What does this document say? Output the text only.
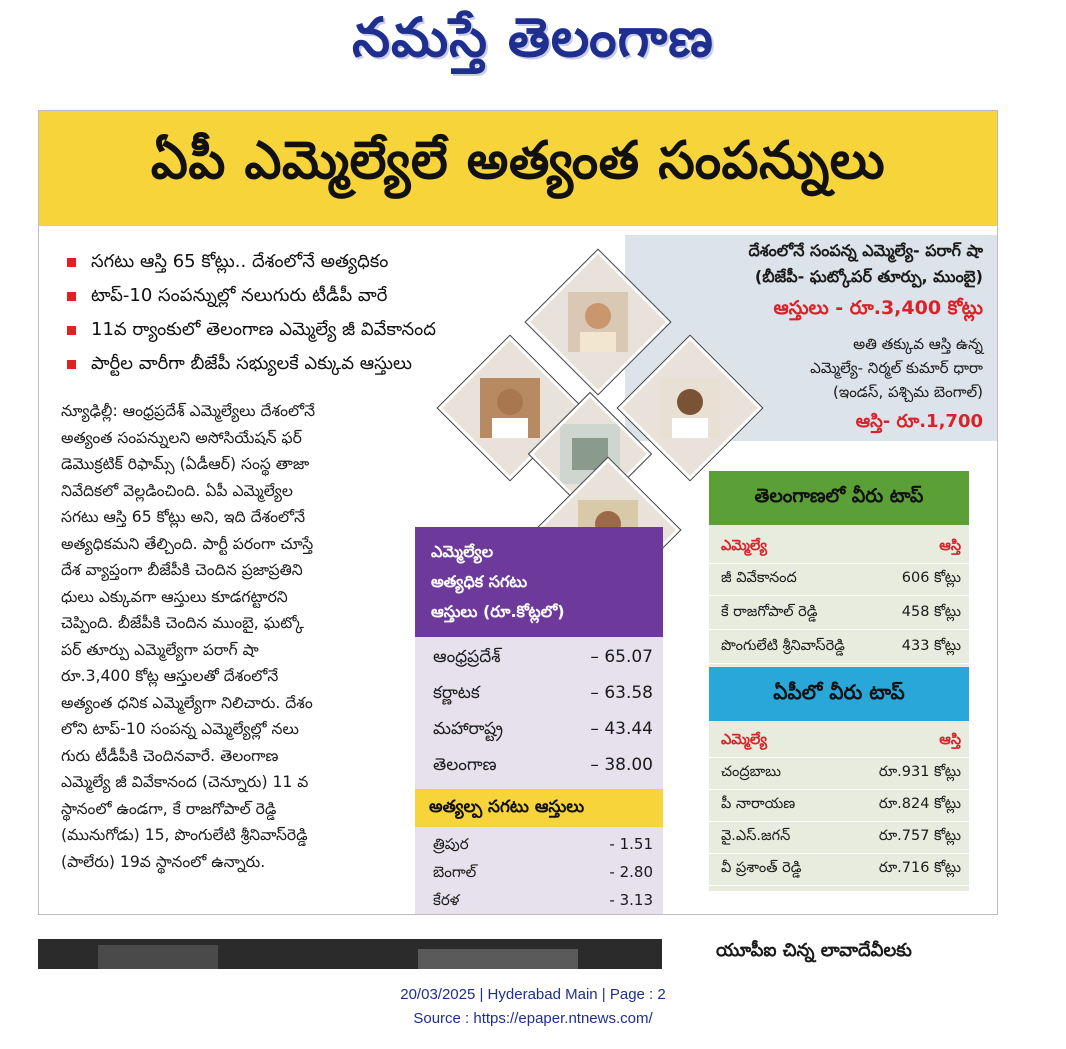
నమస్తే తెలంగాణ
ఏపీ ఎమ్మెల్యేలే అత్యంత సంపన్నులు
సగటు ఆస్తి 65 కోట్లు.. దేశంలోనే అత్యధికం
టాప్‌-10 సంపన్నుల్లో నలుగురు టీడీపీ వారే
11వ ర్యాంకులో తెలంగాణ ఎమ్మెల్యే జీ వివేకానంద
పార్టీల వారీగా బీజేపీ సభ్యులకే ఎక్కువ ఆస్తులు

న్యూఢిల్లీ: ఆంధ్రప్రదేశ్‌ ఎమ్మెల్యేలు దేశంలోనే

అత్యంత సంపన్నులని అసోసియేషన్‌ ఫర్‌

డెమొక్రటిక్‌ రిఫామ్స్‌ (ఏడీఆర్‌) సంస్థ తాజా

నివేదికలో వెల్లడించింది. ఏపీ ఎమ్మెల్యేల

సగటు ఆస్తి 65 కోట్లు అని, ఇది దేశంలోనే

అత్యధికమని తేల్చింది. పార్టీ పరంగా చూస్తే

దేశ వ్యాప్తంగా బీజేపీకి చెందిన ప్రజాప్రతిని

ధులు ఎక్కువగా ఆస్తులు కూడగట్టారని

చెప్పింది. బీజేపీకి చెందిన ముంబై, ఘట్కో

పర్‌ తూర్పు ఎమ్మెల్యేగా పరాగ్‌ షా

రూ.3,400 కోట్ల ఆస్తులతో దేశంలోనే

అత్యంత ధనిక ఎమ్మెల్యేగా నిలిచారు. దేశం

లోని టాప్‌-10 సంపన్న ఎమ్మెల్యేల్లో నలు

గురు టీడీపీకి చెందినవారే. తెలంగాణ

ఎమ్మెల్యే జీ వివేకానంద (చెన్నూరు) 11 వ

స్థానంలో ఉండగా, కే రాజగోపాల్‌ రెడ్డి

(మునుగోడు) 15, పొంగులేటి శ్రీనివాస్‌రెడ్డి

(పాలేరు) 19వ స్థానంలో ఉన్నారు.

దేశంలోనే సంపన్న ఎమ్మెల్యే- పరాగ్‌ షా
(బీజేపీ- ఘట్కోపర్‌ తూర్పు, ముంబై)
ఆస్తులు - రూ.3,400 కోట్లు
అతి తక్కువ ఆస్తి ఉన్న
ఎమ్మెల్యే- నిర్మల్‌ కుమార్‌ ధారా
(ఇండస్‌, పశ్చిమ బెంగాల్‌)
ఆస్తి- రూ.1,700
ఎమ్మెల్యేల
అత్యధిక సగటు
ఆస్తులు (రూ.కోట్లలో)
ఆంధ్రప్రదేశ్‌	– 65.07
కర్ణాటక	– 63.58
మహారాష్ట్ర	– 43.44
తెలంగాణ	– 38.00
అత్యల్ప సగటు ఆస్తులు
త్రిపుర	- 1.51
బెంగాల్‌	- 2.80
కేరళ	- 3.13
తెలంగాణలో వీరు టాప్‌
ఎమ్మెల్యే	ఆస్తి
జీ వివేకానంద	606 కోట్లు
కే రాజగోపాల్‌ రెడ్డి	458 కోట్లు
పొంగులేటి శ్రీనివాస్‌రెడ్డి	433 కోట్లు
ఏపీలో వీరు టాప్‌
ఎమ్మెల్యే	ఆస్తి
చంద్రబాబు	రూ.931 కోట్లు
పీ నారాయణ	రూ.824 కోట్లు
వై.ఎస్.జగన్‌	రూ.757 కోట్లు
వీ ప్రశాంత్‌ రెడ్డి	రూ.716 కోట్లు
యూపీఐ చిన్న లావాదేవీలకు
20/03/2025 | Hyderabad Main | Page : 2
Source : https://epaper.ntnews.com/
